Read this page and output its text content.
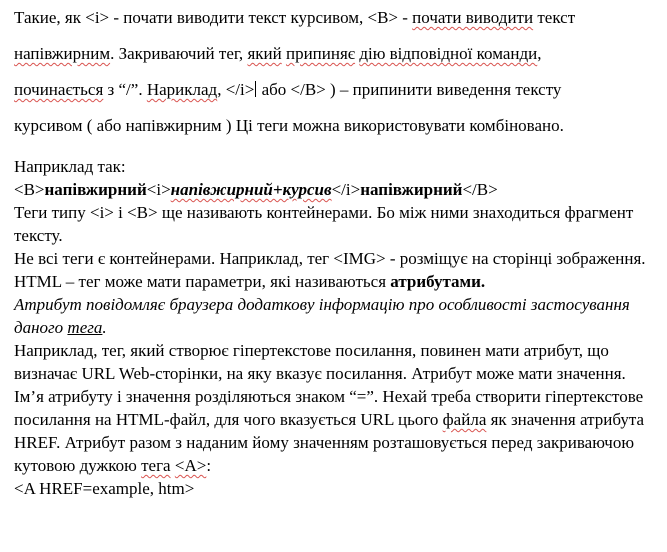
Такие, як <i> - почати виводити текст курсивом, <B> - почати виводити текст
напівжирним. Закриваючий тег, який припиняє дію відповідної команди,
починається з “/”. Нариклад, </i> або </B> ) – припинити виведення тексту
курсивом ( або напівжирним ) Ці теги можна використовувати комбіновано.

Наприклад так:
<B>напівжирний<i>напівжирний+курсив</i>напівжирний</B>
Теги типу <i> і <B> ще називають контейнерами. Бо між ними знаходиться фрагмент тексту.
Не всі теги є контейнерами. Наприклад, тег <IMG> - розміщує на сторінці зображення.
HTML – тег може мати параметри, які називаються атрибутами.
Атрибут повідомляє браузера додаткову інформацію про особливості застосування даного тега.
Наприклад, тег, який створює гіпертекстове посилання, повинен мати атрибут, що визначає URL Web-сторінки, на яку вказує посилання. Атрибут може мати значення. Ім’я атрибуту і значення розділяються знаком “=”. Нехай треба створити гіпертекстове посилання на HTML-файл, для чого вказується URL цього файла як значення атрибута HREF. Атрибут разом з наданим йому значенням розташовується перед закриваючою кутовою дужкою тега <A>:
<A HREF=example, htm>
